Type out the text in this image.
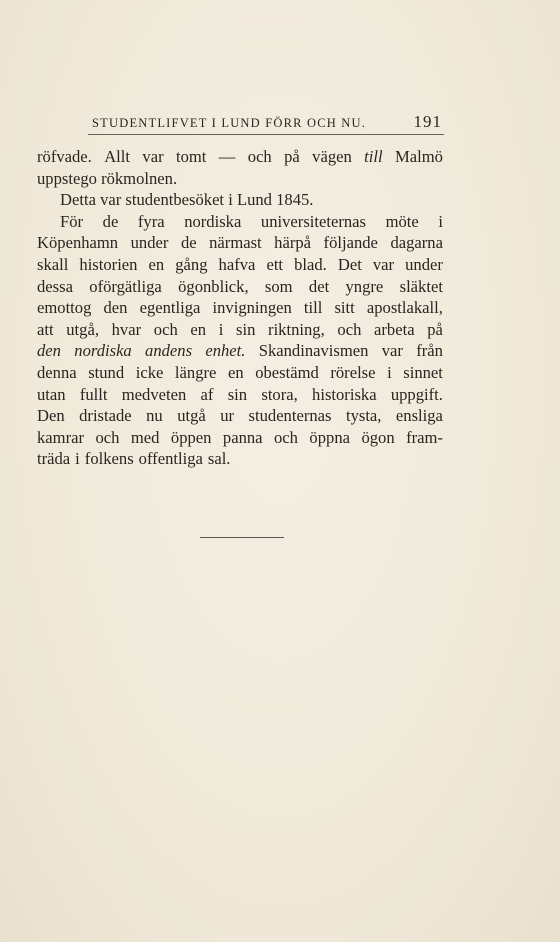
STUDENTLIFVET I LUND FÖRR OCH NU.	191
röfvade. Allt var tomt — och på vägen till Malmö
uppstego rökmolnen.
Detta var studentbesöket i Lund 1845.
För de fyra nordiska universiteternas möte i
Köpenhamn under de närmast härpå följande dagarna
skall historien en gång hafva ett blad. Det var under
dessa oförgätliga ögonblick, som det yngre släktet
emottog den egentliga invigningen till sitt apostlakall,
att utgå, hvar och en i sin riktning, och arbeta på
den nordiska andens enhet. Skandinavismen var från
denna stund icke längre en obestämd rörelse i sinnet
utan fullt medveten af sin stora, historiska uppgift.
Den dristade nu utgå ur studenternas tysta, ensliga
kamrar och med öppen panna och öppna ögon fram-
träda i folkens offentliga sal.
